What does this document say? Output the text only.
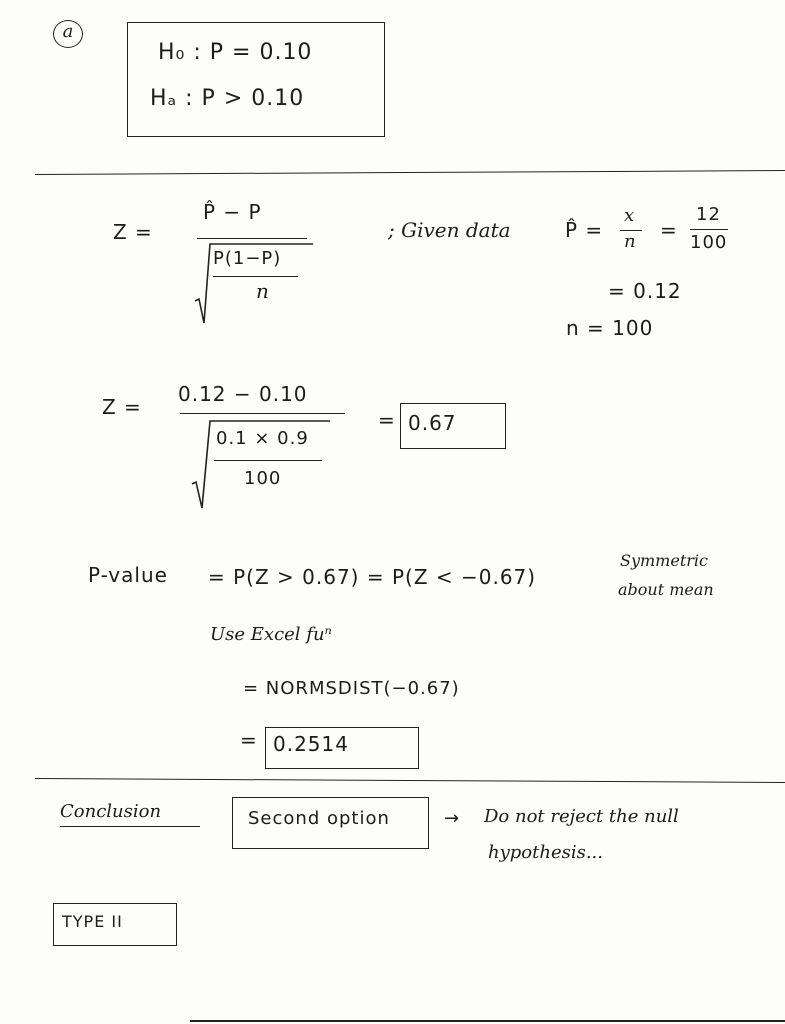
a
H₀ : P = 0.10
Hₐ : P > 0.10
Z =
P̂ − P
P(1−P)
n
; Given data	P̂ =
x
n =
12
100
= 0.12
n = 100
Z =
0.12 − 0.10
0.1 × 0.9
100
= 0.67
P-value = P(Z > 0.67) = P(Z < −0.67)
Symmetric
about mean
Use Excel fuⁿ
= NORMSDIST(−0.67)
= 0.2514
Conclusion	Second option	→ Do not reject the null
hypothesis...
TYPE II
